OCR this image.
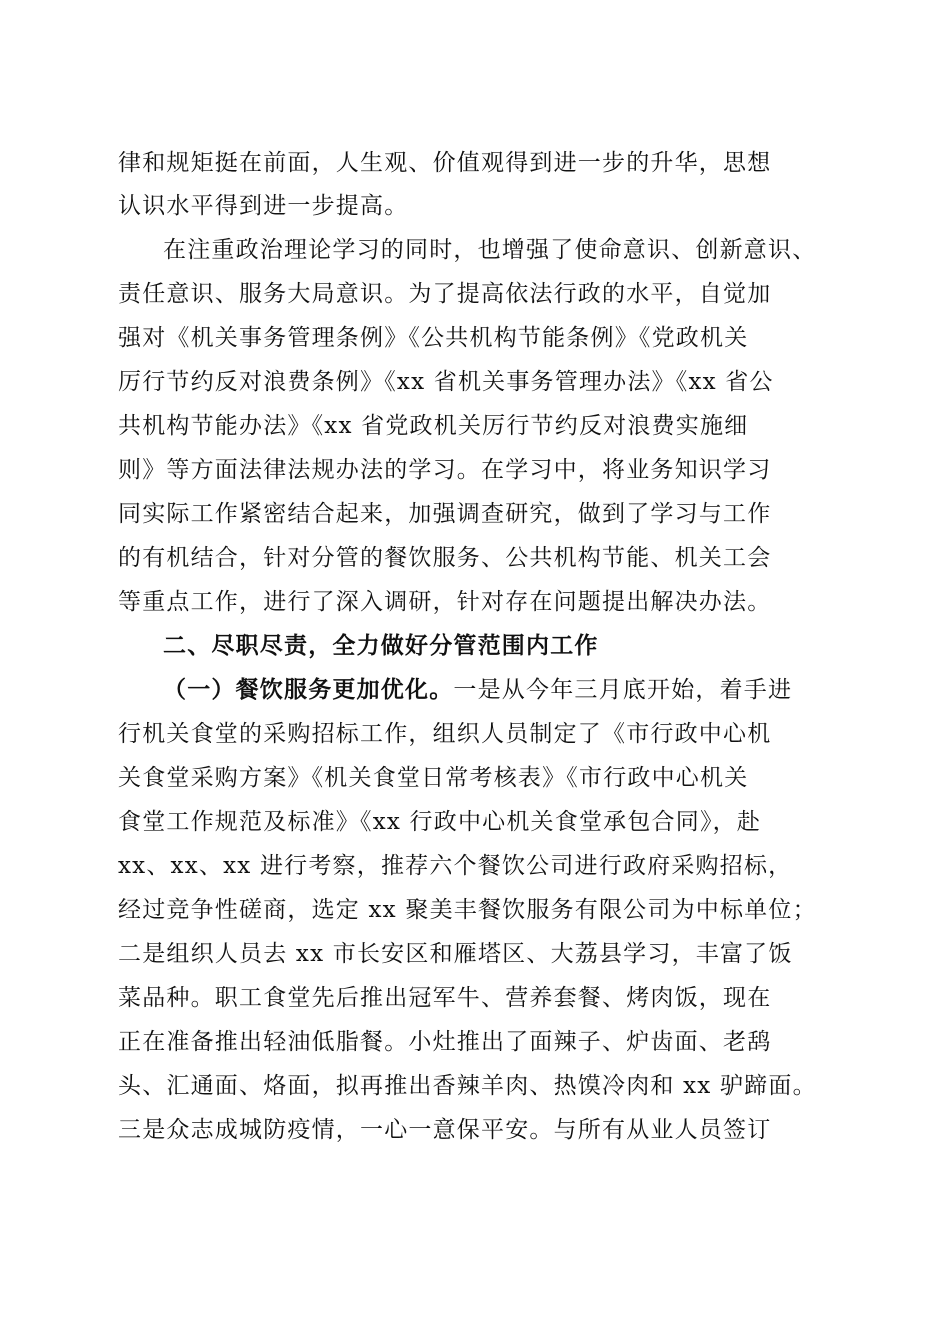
律和规矩挺在前面，人生观、价值观得到进一步的升华，思想
认识水平得到进一步提高。
在注重政治理论学习的同时，也增强了使命意识、创新意识、
责任意识、服务大局意识。为了提高依法行政的水平，自觉加
强对《机关事务管理条例》《公共机构节能条例》《党政机关
厉行节约反对浪费条例》《xx 省机关事务管理办法》《xx 省公
共机构节能办法》《xx 省党政机关厉行节约反对浪费实施细
则》等方面法律法规办法的学习。在学习中，将业务知识学习
同实际工作紧密结合起来，加强调查研究，做到了学习与工作
的有机结合，针对分管的餐饮服务、公共机构节能、机关工会
等重点工作，进行了深入调研，针对存在问题提出解决办法。
二、尽职尽责，全力做好分管范围内工作
（一）餐饮服务更加优化。一是从今年三月底开始，着手进
行机关食堂的采购招标工作，组织人员制定了《市行政中心机
关食堂采购方案》《机关食堂日常考核表》《市行政中心机关
食堂工作规范及标准》《xx 行政中心机关食堂承包合同》，赴
xx、xx、xx 进行考察，推荐六个餐饮公司进行政府采购招标，
经过竞争性磋商，选定 xx 聚美丰餐饮服务有限公司为中标单位；
二是组织人员去 xx 市长安区和雁塔区、大荔县学习，丰富了饭
菜品种。职工食堂先后推出冠军牛、营养套餐、烤肉饭，现在
正在准备推出轻油低脂餐。小灶推出了面辣子、炉齿面、老鸹
头、汇通面、烙面，拟再推出香辣羊肉、热馍冷肉和 xx 驴蹄面。
三是众志成城防疫情，一心一意保平安。与所有从业人员签订
